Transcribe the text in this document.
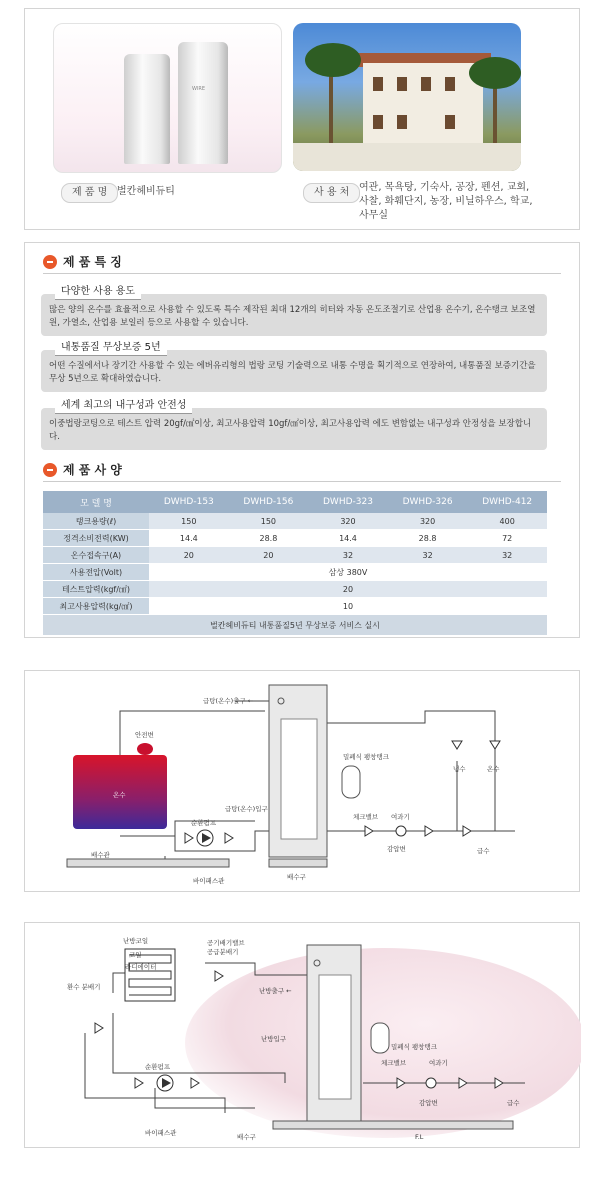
WIRE
제 품 명 벌칸헤비듀티	사 용 처 여관, 목욕탕, 기숙사, 공장, 펜션, 교회,
사찰, 화훼단지, 농장, 비닐하우스, 학교,
사무실
제 품 특 징
다양한 사용 용도
많은 양의 온수를 효율적으로 사용할 수 있도록 특수 제작된 최대 12개의 히터와 자동 온도조절기로 산업용 온수기, 온수탱크 보조열원, 가열소, 산업용 보일러 등으로 사용할 수 있습니다.
내통품질 무상보증 5년
어떤 수질에서나 장기간 사용할 수 있는 에버유리형의 법랑 코팅 기술력으로 내통 수명을 획기적으로 연장하여, 내통품질 보증기간을 무상 5년으로 확대하였습니다.
세계 최고의 내구성과 안전성
이중법랑코팅으로 테스트 압력 20gf/㎠이상, 최고사용압력 10gf/㎠이상, 최고사용압력 에도 변함없는 내구성과 안정성을 보장합니다.
제 품 사 양
모 델 명	DWHD-153	DWHD-156	DWHD-323	DWHD-326	DWHD-412
탱크용량(ℓ)	150	150	320	320	400
정격소비전력(KW)	14.4	28.8	14.4	28.8	72
온수접속구(A)	20	20	32	32	32
사용전압(Volt)	삼상 380V				
테스트압력(kgf/㎠)	20				
최고사용압력(kg/㎠)	10				
벌칸헤비듀티 내통품질5년 무상보증 서비스 실시					
급탕(온수)출구 ←
안전변
온수
급탕(온수)입구
순환펌프
밀폐식 팽창탱크
체크밸브 여과기
감압변
냉수	온수
급수
배수관
바이패스관	배수구
난방코일
코일
라디에이터
공기배기밸브
공급분배기
환수 분배기	난방출구 ←
난방입구
순환펌프
밀폐식 팽창탱크
체크밸브	여과기
감압변	급수
바이패스관	배수구	F.L
